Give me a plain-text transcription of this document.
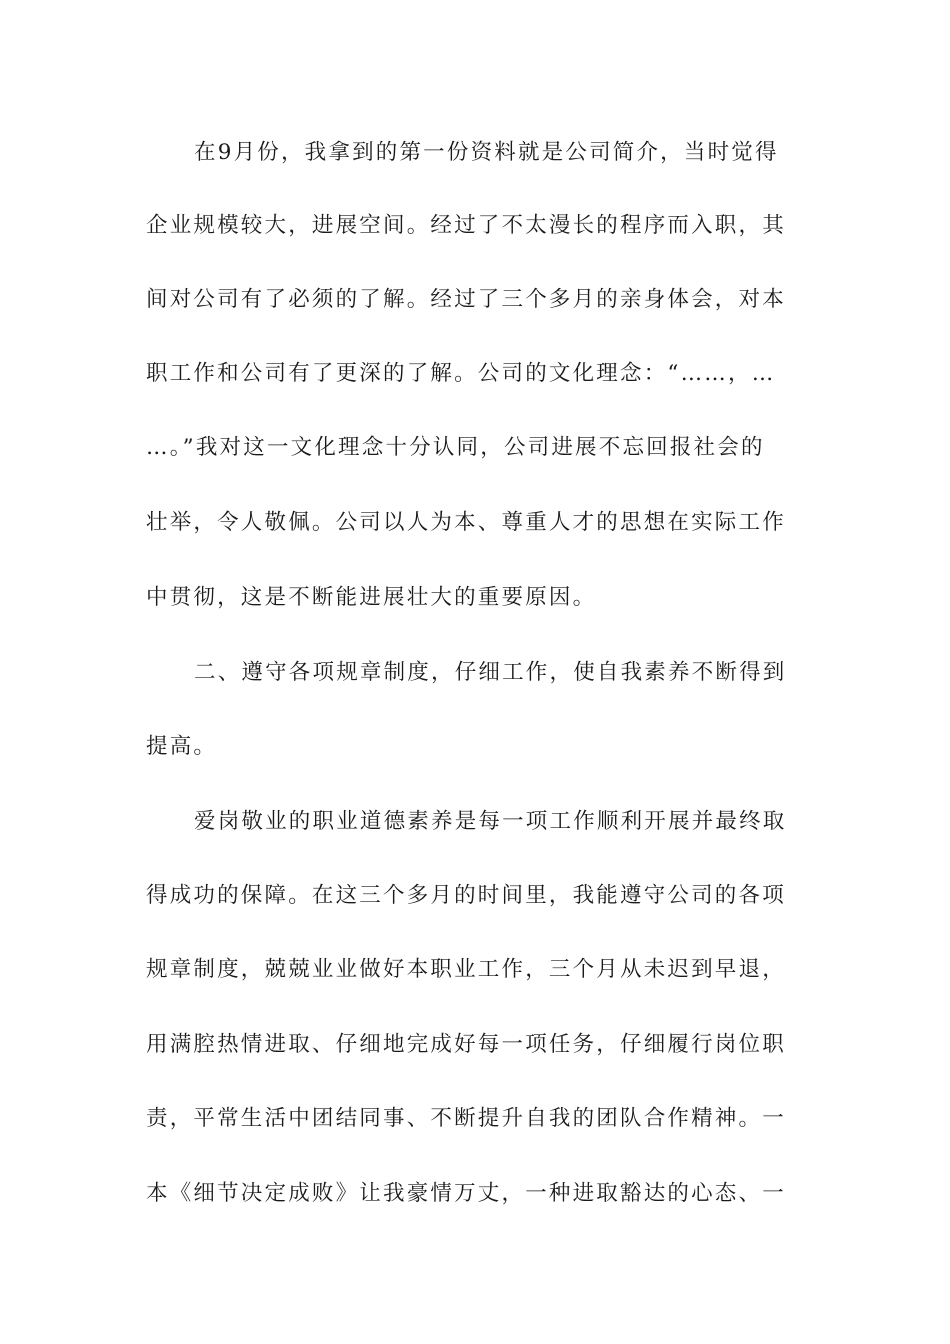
在9月份，我拿到的第一份资料就是公司简介，当时觉得
企业规模较大，进展空间。经过了不太漫长的程序而入职，其
间对公司有了必须的了解。经过了三个多月的亲身体会，对本
职工作和公司有了更深的了解。公司的文化理念：“……，…
…。”我对这一文化理念十分认同，公司进展不忘回报社会的
壮举，令人敬佩。公司以人为本、尊重人才的思想在实际工作
中贯彻，这是不断能进展壮大的重要原因。
二、遵守各项规章制度，仔细工作，使自我素养不断得到
提高。
爱岗敬业的职业道德素养是每一项工作顺利开展并最终取
得成功的保障。在这三个多月的时间里，我能遵守公司的各项
规章制度，兢兢业业做好本职业工作，三个月从未迟到早退，
用满腔热情进取、仔细地完成好每一项任务，仔细履行岗位职
责，平常生活中团结同事、不断提升自我的团队合作精神。一
本《细节决定成败》让我豪情万丈，一种进取豁达的心态、一
